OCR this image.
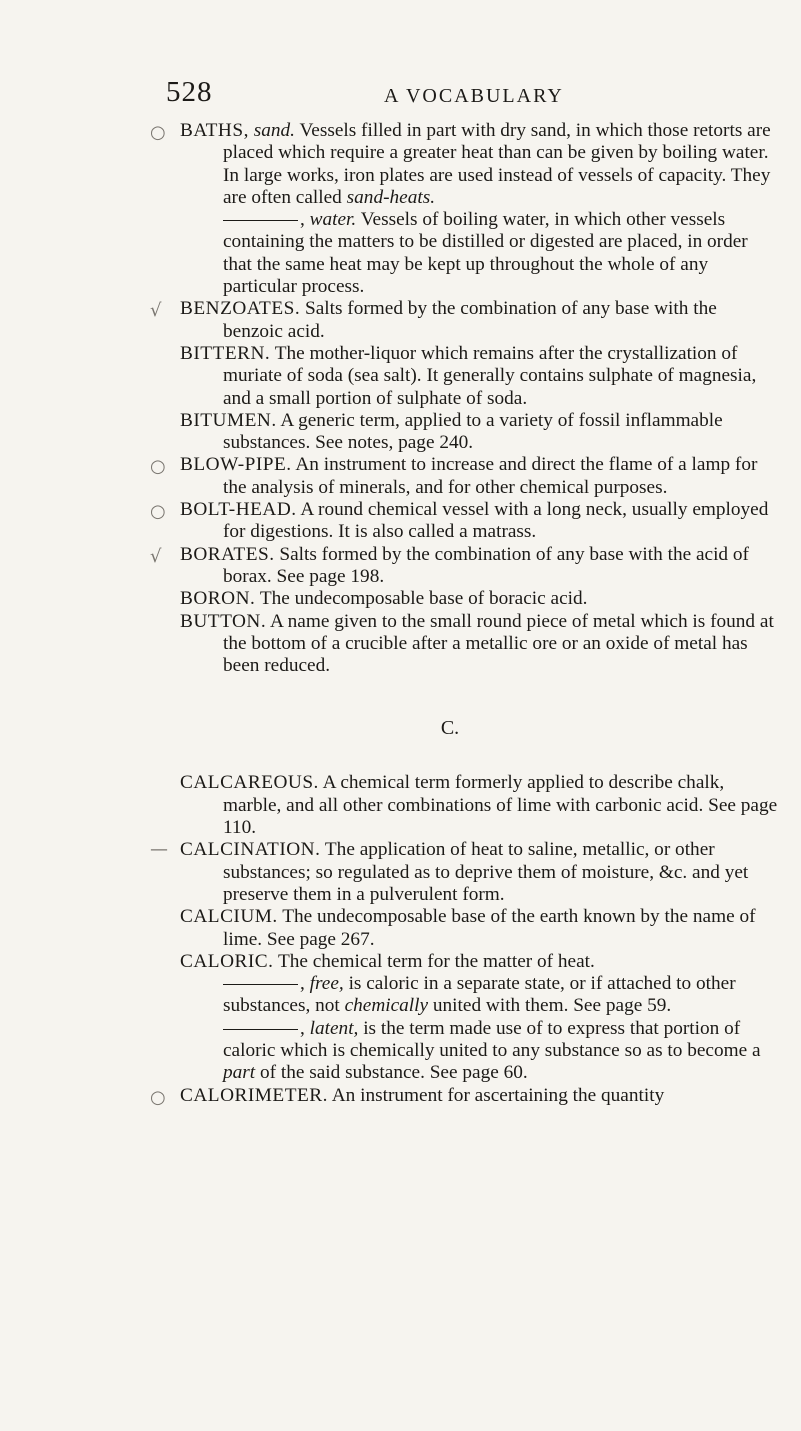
528	A VOCABULARY
○ BATHS, sand. Vessels filled in part with dry sand, in which those retorts are placed which require a greater heat than can be given by boiling water. In large works, iron plates are used instead of vessels of capacity. They are often called sand-heats.

, water. Vessels of boiling water, in which other vessels containing the matters to be distilled or digested are placed, in order that the same heat may be kept up throughout the whole of any particular process.

√ BENZOATES. Salts formed by the combination of any base with the benzoic acid.

BITTERN. The mother-liquor which remains after the crystallization of muriate of soda (sea salt). It generally contains sulphate of magnesia, and a small portion of sulphate of soda.

BITUMEN. A generic term, applied to a variety of fossil inflammable substances. See notes, page 240.

○ BLOW-PIPE. An instrument to increase and direct the flame of a lamp for the analysis of minerals, and for other chemical purposes.

○ BOLT-HEAD. A round chemical vessel with a long neck, usually employed for digestions. It is also called a matrass.

√ BORATES. Salts formed by the combination of any base with the acid of borax. See page 198.

BORON. The undecomposable base of boracic acid.

BUTTON. A name given to the small round piece of metal which is found at the bottom of a crucible after a metallic ore or an oxide of metal has been reduced.

C.

CALCAREOUS. A chemical term formerly applied to describe chalk, marble, and all other combinations of lime with carbonic acid. See page 110.

— CALCINATION. The application of heat to saline, metallic, or other substances; so regulated as to deprive them of moisture, &c. and yet preserve them in a pulverulent form.

CALCIUM. The undecomposable base of the earth known by the name of lime. See page 267.

CALORIC. The chemical term for the matter of heat.

, free, is caloric in a separate state, or if attached to other substances, not chemically united with them. See page 59.

, latent, is the term made use of to express that portion of caloric which is chemically united to any substance so as to become a part of the said substance. See page 60.

○ CALORIMETER. An instrument for ascertaining the quantity
